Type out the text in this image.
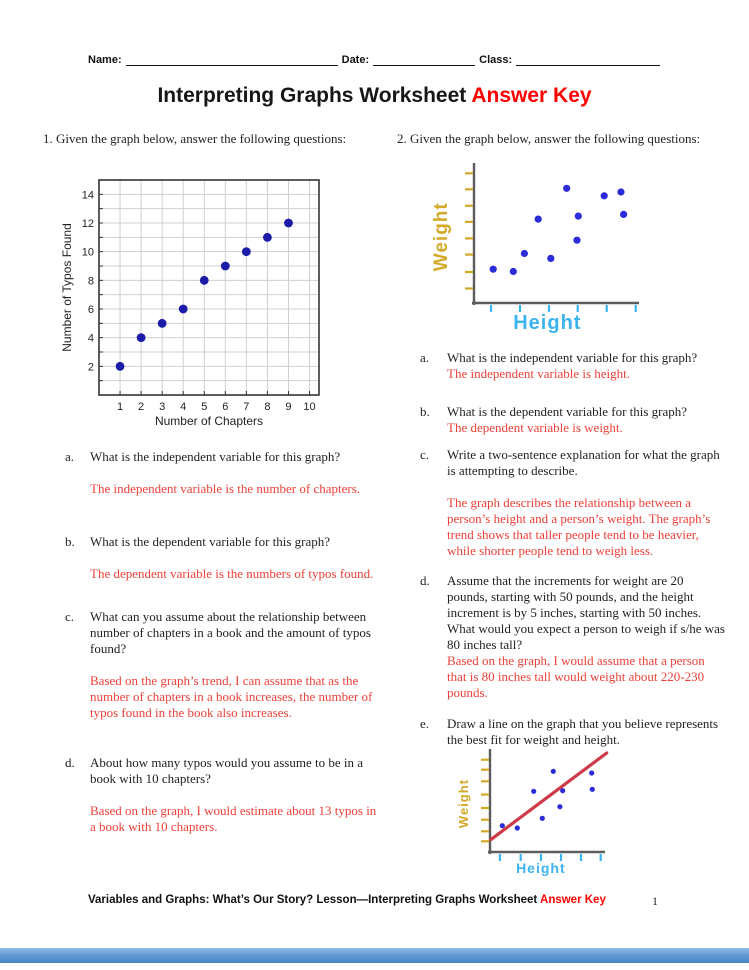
Name:	Date:	Class:
Interpreting Graphs Worksheet Answer Key
1. Given the graph below, answer the following questions:
1 2 3 4 5 6 7 8 9 10
2
4
6
8
10
12
14
Number of Chapters
Number of Typos Found
a.	What is the independent variable for this graph?
The independent variable is the number of chapters.
b.	What is the dependent variable for this graph?
The dependent variable is the numbers of typos found.
c.	What can you assume about the relationship between number of chapters in a book and the amount of typos found?
Based on the graph’s trend, I can assume that as the number of chapters in a book increases, the number of typos found in the book also increases.
d.	About how many typos would you assume to be in a book with 10 chapters?
Based on the graph, I would estimate about 13 typos in a book with 10 chapters.
2. Given the graph below, answer the following questions:
Height
Weight
a.	What is the independent variable for this graph?
The independent variable is height.
b.	What is the dependent variable for this graph?
The dependent variable is weight.
c.	Write a two-sentence explanation for what the graph is attempting to describe.
The graph describes the relationship between a person’s height and a person’s weight. The graph’s trend shows that taller people tend to be heavier, while shorter people tend to weigh less.
d.	Assume that the increments for weight are 20 pounds, starting with 50 pounds, and the height increment is by 5 inches, starting with 50 inches. What would you expect a person to weigh if s/he was 80 inches tall?
Based on the graph, I would assume that a person that is 80 inches tall would weight about 220-230 pounds.
e.	Draw a line on the graph that you believe represents the best fit for weight and height.
Height
Weight
Variables and Graphs: What’s Our Story? Lesson—Interpreting Graphs Worksheet Answer Key	1
